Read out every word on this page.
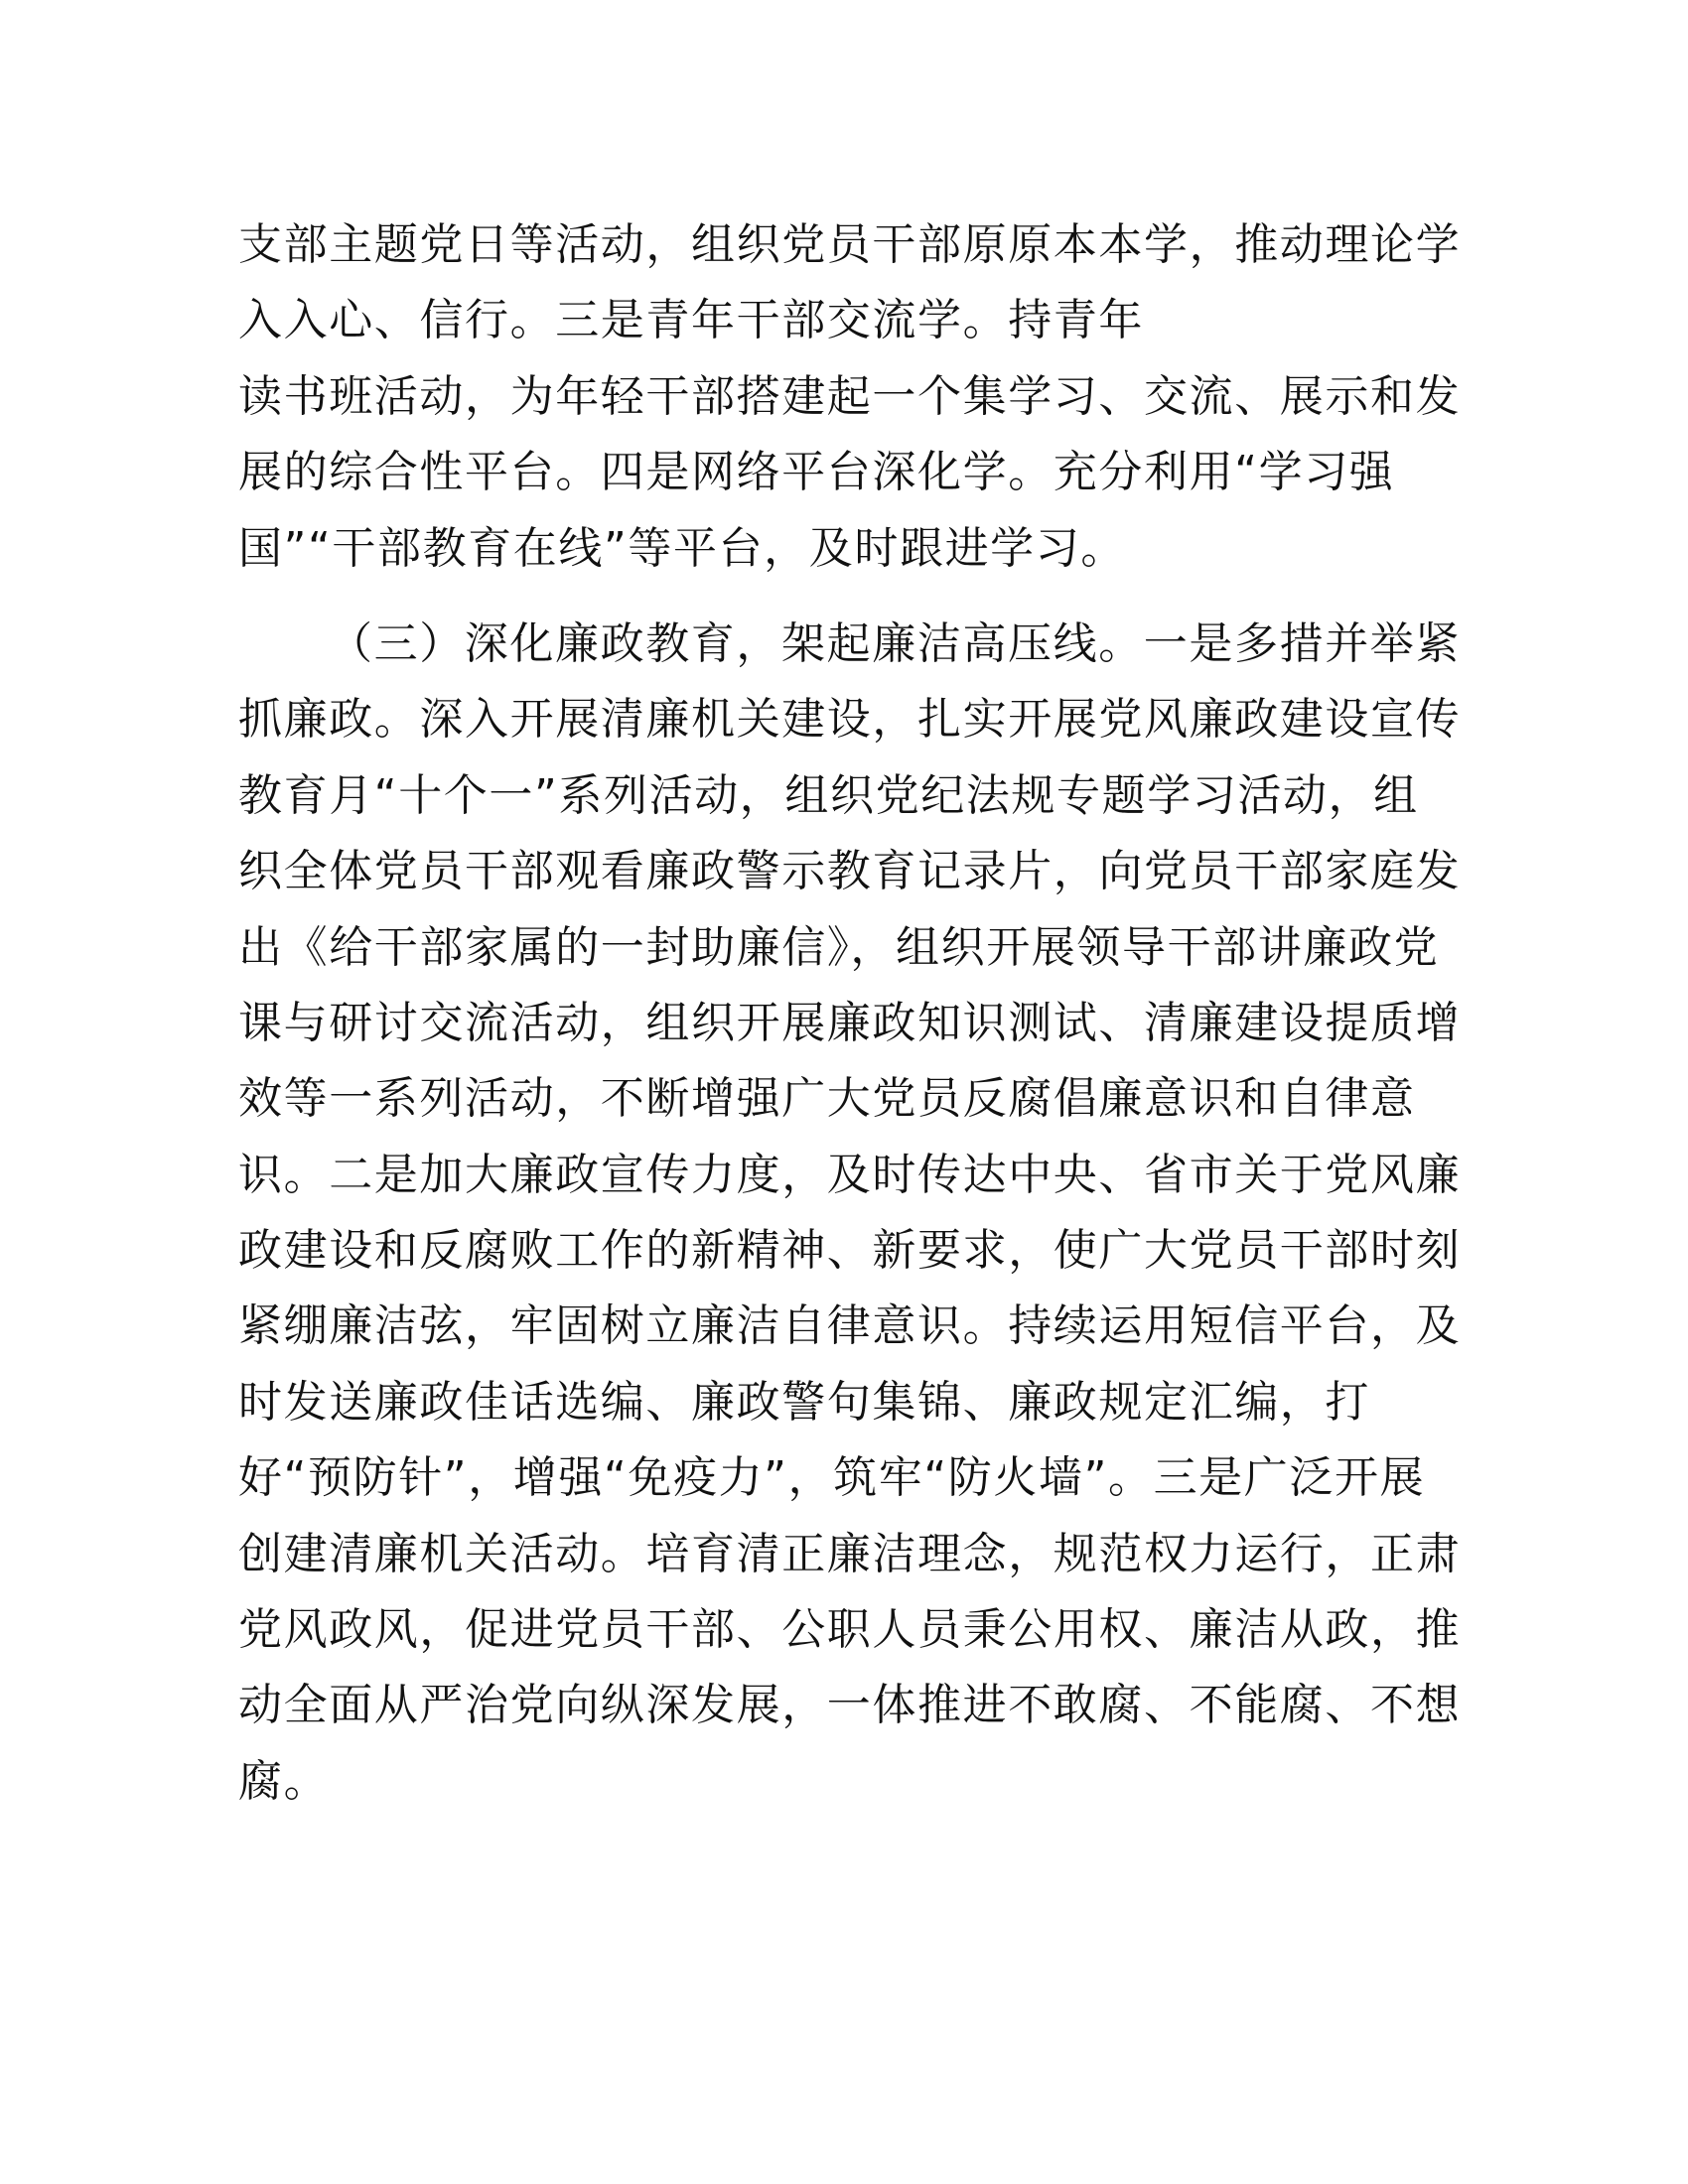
支部主题党日等活动，组织党员干部原原本本学，推动理论学
入入心、信行。三是青年干部交流学。持青年
读书班活动，为年轻干部搭建起一个集学习、交流、展示和发
展的综合性平台。四是网络平台深化学。充分利用“学习强
国”“干部教育在线”等平台，及时跟进学习。
（三）深化廉政教育，架起廉洁高压线。一是多措并举紧
抓廉政。深入开展清廉机关建设，扎实开展党风廉政建设宣传
教育月“十个一”系列活动，组织党纪法规专题学习活动，组
织全体党员干部观看廉政警示教育记录片，向党员干部家庭发
出《给干部家属的一封助廉信》，组织开展领导干部讲廉政党
课与研讨交流活动，组织开展廉政知识测试、清廉建设提质增
效等一系列活动，不断增强广大党员反腐倡廉意识和自律意
识。二是加大廉政宣传力度，及时传达中央、省市关于党风廉
政建设和反腐败工作的新精神、新要求，使广大党员干部时刻
紧绷廉洁弦，牢固树立廉洁自律意识。持续运用短信平台，及
时发送廉政佳话选编、廉政警句集锦、廉政规定汇编，打
好“预防针”，增强“免疫力”，筑牢“防火墙”。三是广泛开展
创建清廉机关活动。培育清正廉洁理念，规范权力运行，正肃
党风政风，促进党员干部、公职人员秉公用权、廉洁从政，推
动全面从严治党向纵深发展，一体推进不敢腐、不能腐、不想
腐。
